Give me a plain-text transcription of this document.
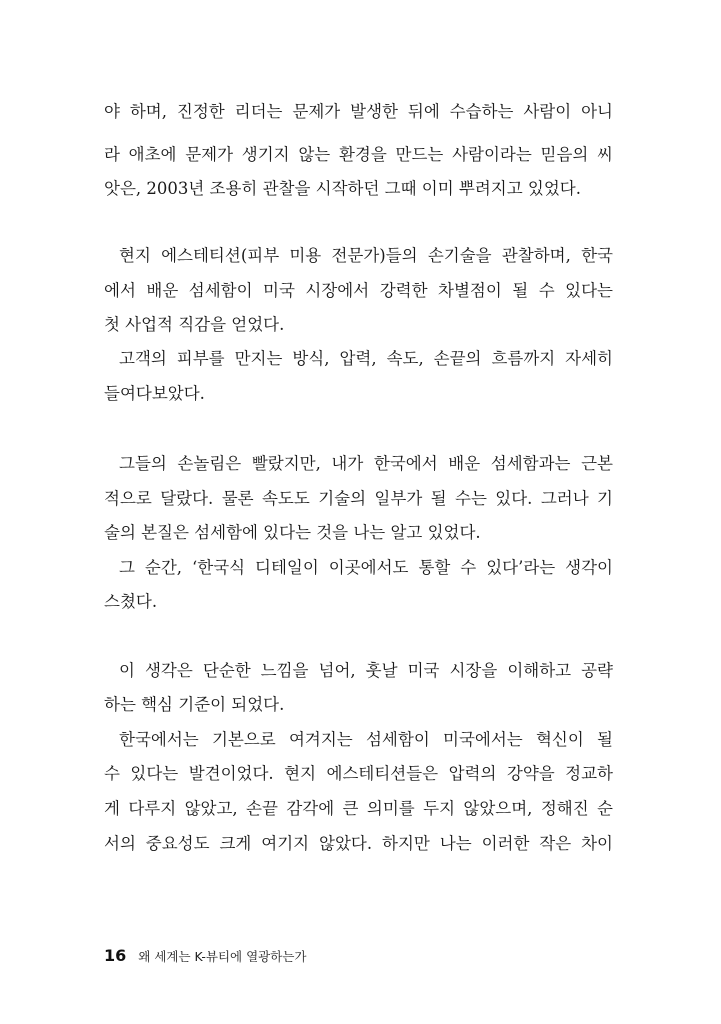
야 하며, 진정한 리더는 문제가 발생한 뒤에 수습하는 사람이 아니
라 애초에 문제가 생기지 않는 환경을 만드는 사람이라는 믿음의 씨
앗은, 2003년 조용히 관찰을 시작하던 그때 이미 뿌려지고 있었다.
현지 에스테티션(피부 미용 전문가)들의 손기술을 관찰하며, 한국
에서 배운 섬세함이 미국 시장에서 강력한 차별점이 될 수 있다는
첫 사업적 직감을 얻었다.
고객의 피부를 만지는 방식, 압력, 속도, 손끝의 흐름까지 자세히
들여다보았다.
그들의 손놀림은 빨랐지만, 내가 한국에서 배운 섬세함과는 근본
적으로 달랐다. 물론 속도도 기술의 일부가 될 수는 있다. 그러나 기
술의 본질은 섬세함에 있다는 것을 나는 알고 있었다.
그 순간, ‘한국식 디테일이 이곳에서도 통할 수 있다’라는 생각이
스쳤다.
이 생각은 단순한 느낌을 넘어, 훗날 미국 시장을 이해하고 공략
하는 핵심 기준이 되었다.
한국에서는 기본으로 여겨지는 섬세함이 미국에서는 혁신이 될
수 있다는 발견이었다. 현지 에스테티션들은 압력의 강약을 정교하
게 다루지 않았고, 손끝 감각에 큰 의미를 두지 않았으며, 정해진 순
서의 중요성도 크게 여기지 않았다. 하지만 나는 이러한 작은 차이
16 왜 세계는 K-뷰티에 열광하는가
